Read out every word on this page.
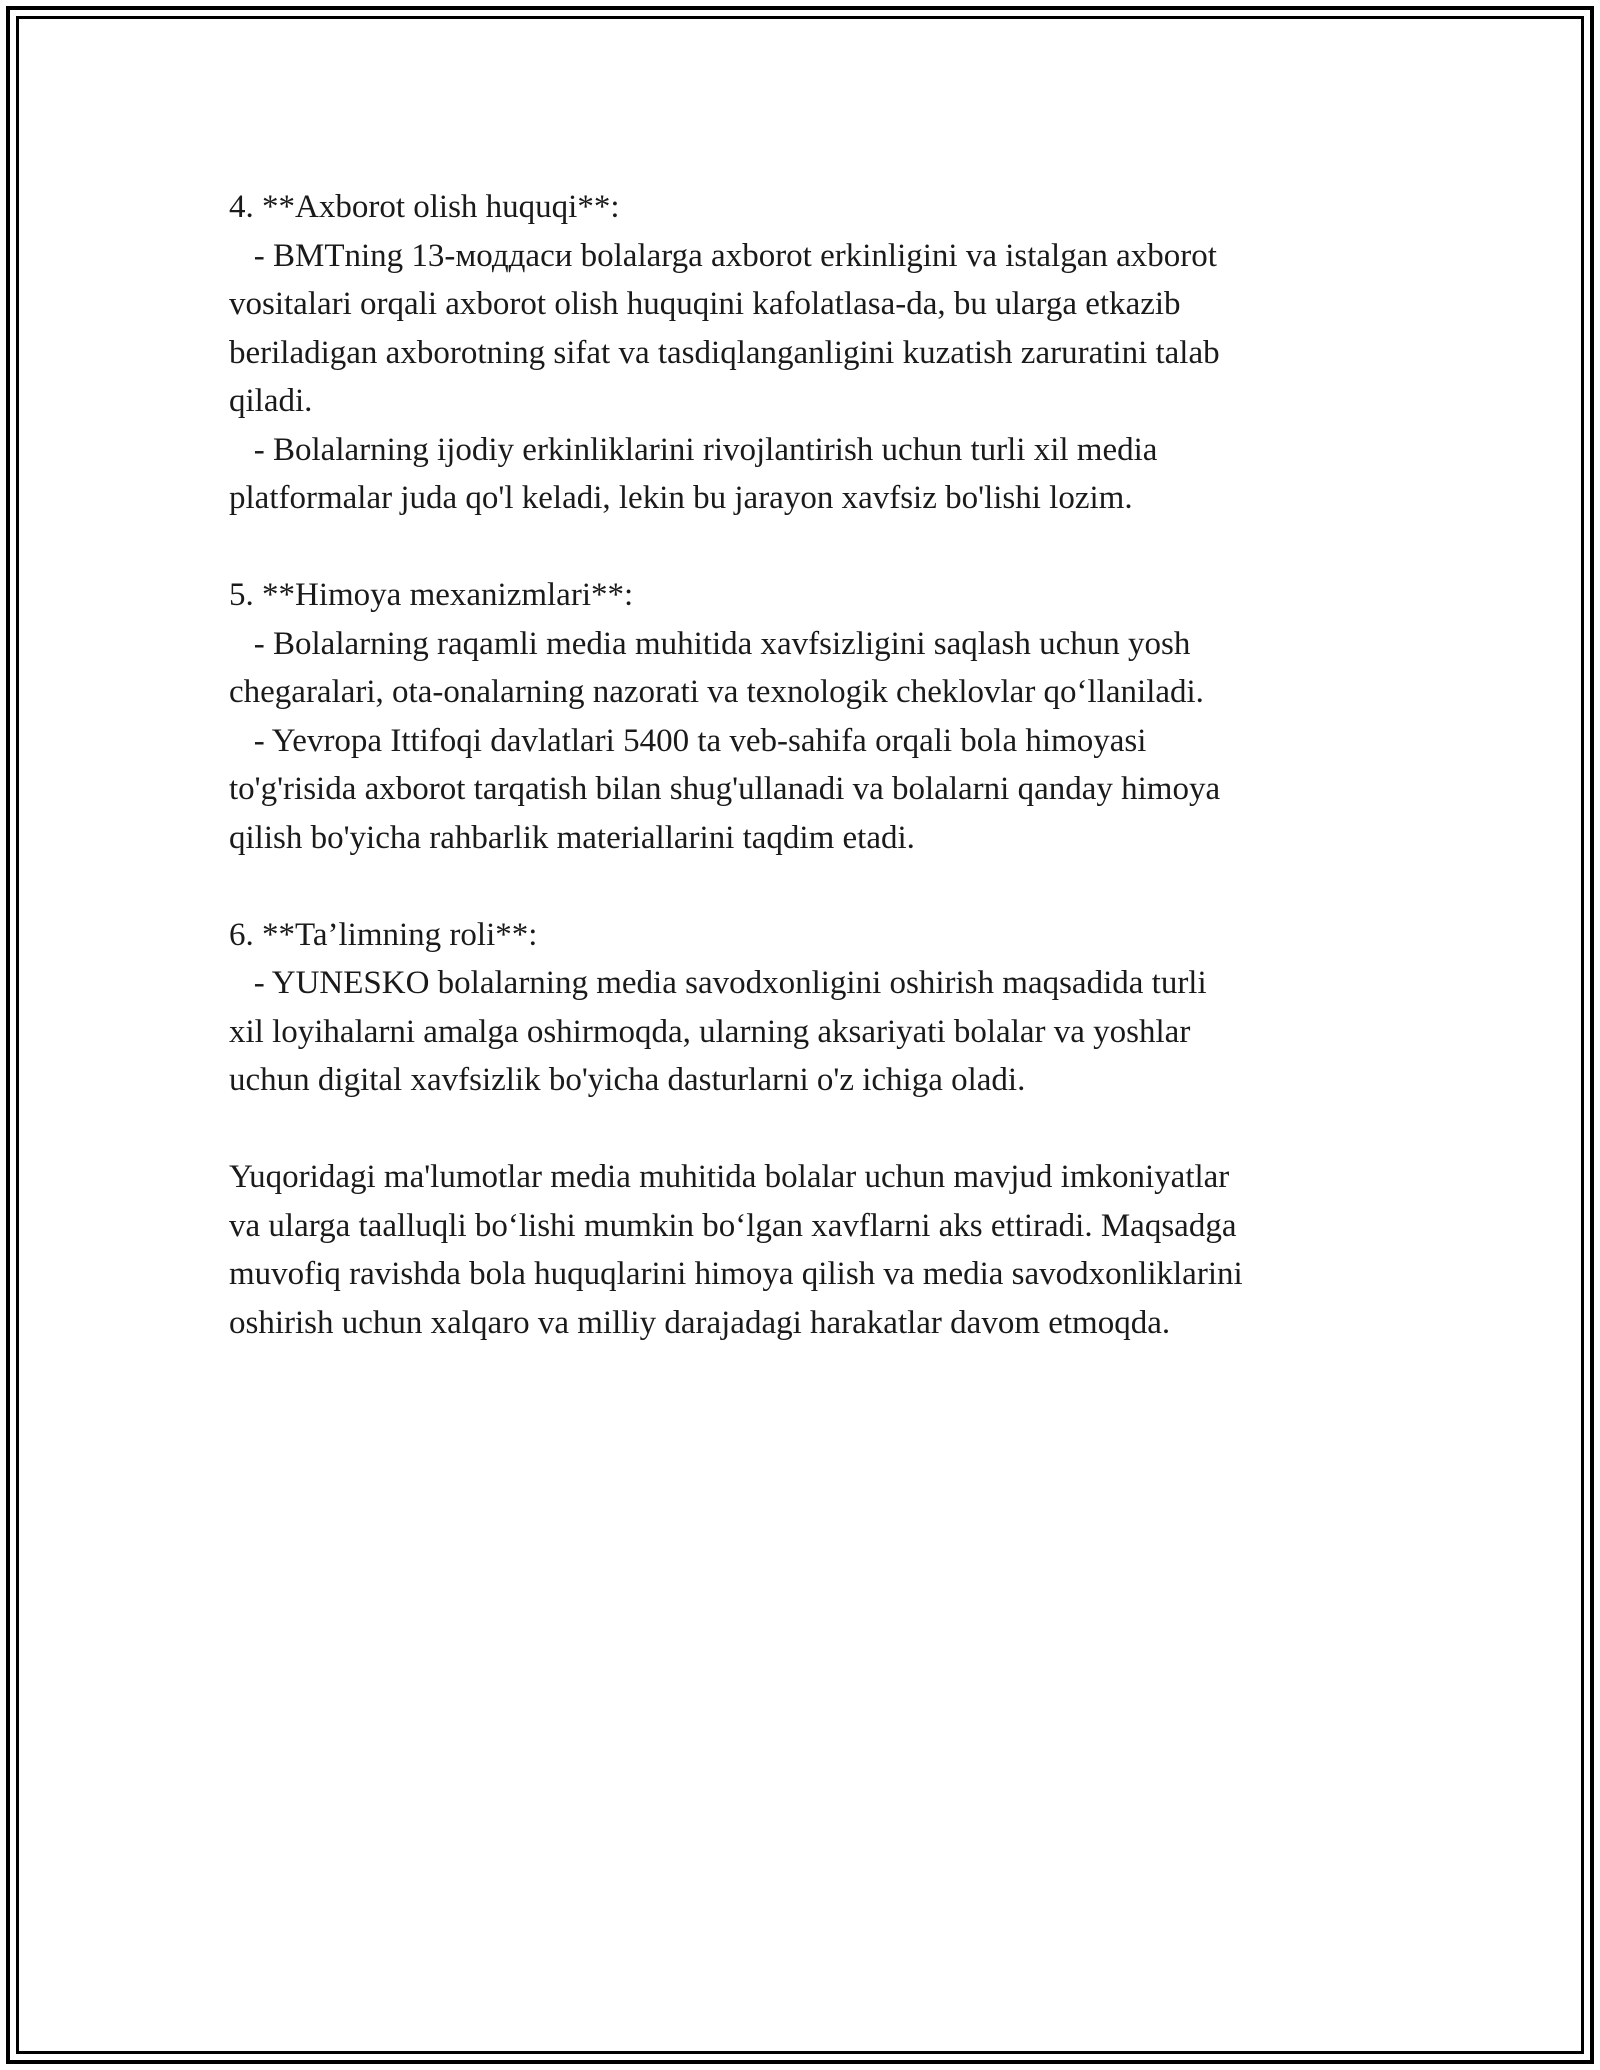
4. **Axborot olish huquqi**:
- BMTning 13-моддаси bolalarga axborot erkinligini va istalgan axborot
vositalari orqali axborot olish huquqini kafolatlasa-da, bu ularga etkazib
beriladigan axborotning sifat va tasdiqlanganligini kuzatish zaruratini talab
qiladi.
- Bolalarning ijodiy erkinliklarini rivojlantirish uchun turli xil media
platformalar juda qo'l keladi, lekin bu jarayon xavfsiz bo'lishi lozim.
5. **Himoya mexanizmlari**:
- Bolalarning raqamli media muhitida xavfsizligini saqlash uchun yosh
chegaralari, ota-onalarning nazorati va texnologik cheklovlar qo‘llaniladi.
- Yevropa Ittifoqi davlatlari 5400 ta veb-sahifa orqali bola himoyasi
to'g'risida axborot tarqatish bilan shug'ullanadi va bolalarni qanday himoya
qilish bo'yicha rahbarlik materiallarini taqdim etadi.
6. **Ta’limning roli**:
- YUNESKO bolalarning media savodxonligini oshirish maqsadida turli
xil loyihalarni amalga oshirmoqda, ularning aksariyati bolalar va yoshlar
uchun digital xavfsizlik bo'yicha dasturlarni o'z ichiga oladi.
Yuqoridagi ma'lumotlar media muhitida bolalar uchun mavjud imkoniyatlar
va ularga taalluqli bo‘lishi mumkin bo‘lgan xavflarni aks ettiradi. Maqsadga
muvofiq ravishda bola huquqlarini himoya qilish va media savodxonliklarini
oshirish uchun xalqaro va milliy darajadagi harakatlar davom etmoqda.
